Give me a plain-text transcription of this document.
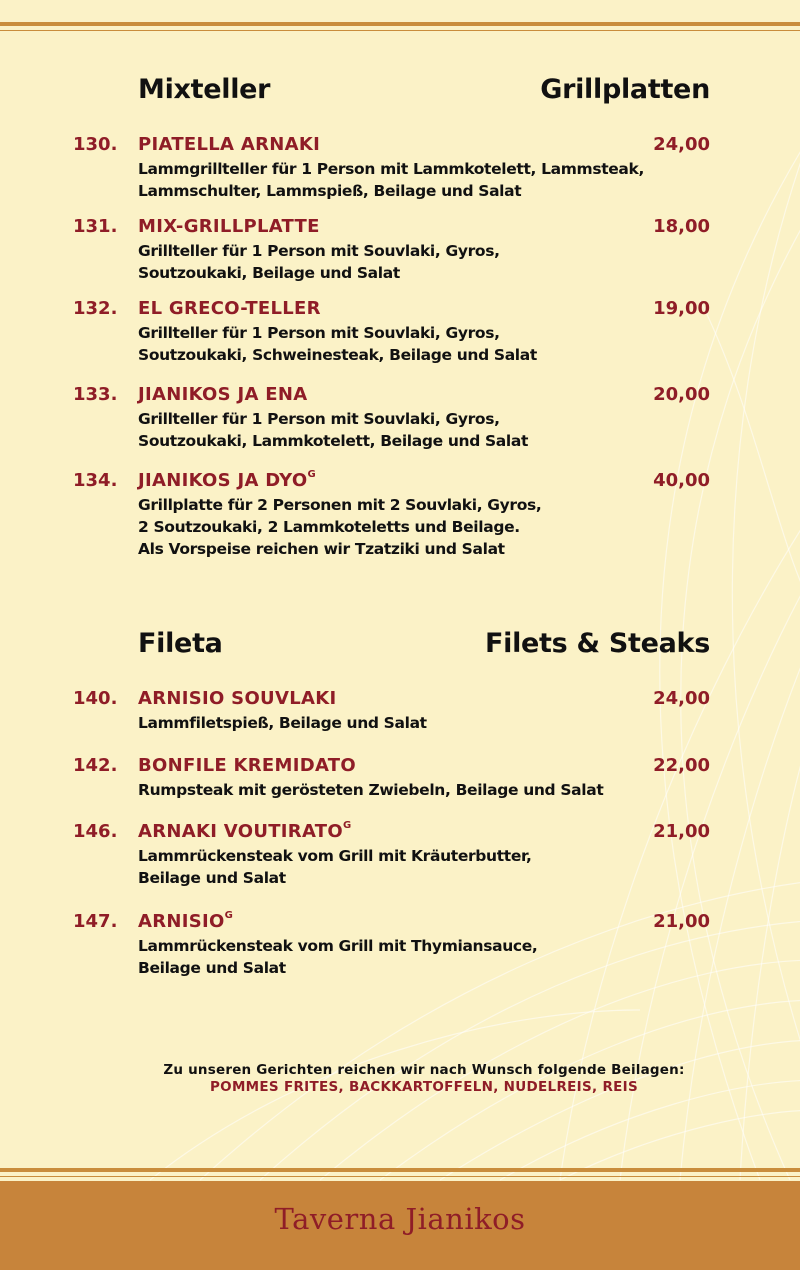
Mixteller	Grillplatten
130. PIATELLA ARNAKI	24,00
Lammgrillteller für 1 Person mit Lammkotelett, Lammsteak,
Lammschulter, Lammspieß, Beilage und Salat
131. MIX-GRILLPLATTE	18,00
Grillteller für 1 Person mit Souvlaki, Gyros,
Soutzoukaki, Beilage und Salat
132. EL GRECO-TELLER	19,00
Grillteller für 1 Person mit Souvlaki, Gyros,
Soutzoukaki, Schweinesteak, Beilage und Salat
133. JIANIKOS JA ENA	20,00
Grillteller für 1 Person mit Souvlaki, Gyros,
Soutzoukaki, Lammkotelett, Beilage und Salat
134. JIANIKOS JA $DYO^G$	40,00
Grillplatte für 2 Personen mit 2 Souvlaki, Gyros,
2 Soutzoukaki, 2 Lammkoteletts und Beilage.
Als Vorspeise reichen wir Tzatziki und Salat
Fileta	Filets & Steaks
140. ARNISIO SOUVLAKI	24,00
Lammfiletspieß, Beilage und Salat
142. BONFILE KREMIDATO	22,00
Rumpsteak mit gerösteten Zwiebeln, Beilage und Salat
146. ARNAKI $VOUTIRATO^G$	21,00
Lammrückensteak vom Grill mit Kräuterbutter,
Beilage und Salat
147. $ARNISIO^G$	21,00
Lammrückensteak vom Grill mit Thymiansauce,
Beilage und Salat
Zu unseren Gerichten reichen wir nach Wunsch folgende Beilagen:
POMMES FRITES, BACKKARTOFFELN, NUDELREIS, REIS
Taverna Jianikos
